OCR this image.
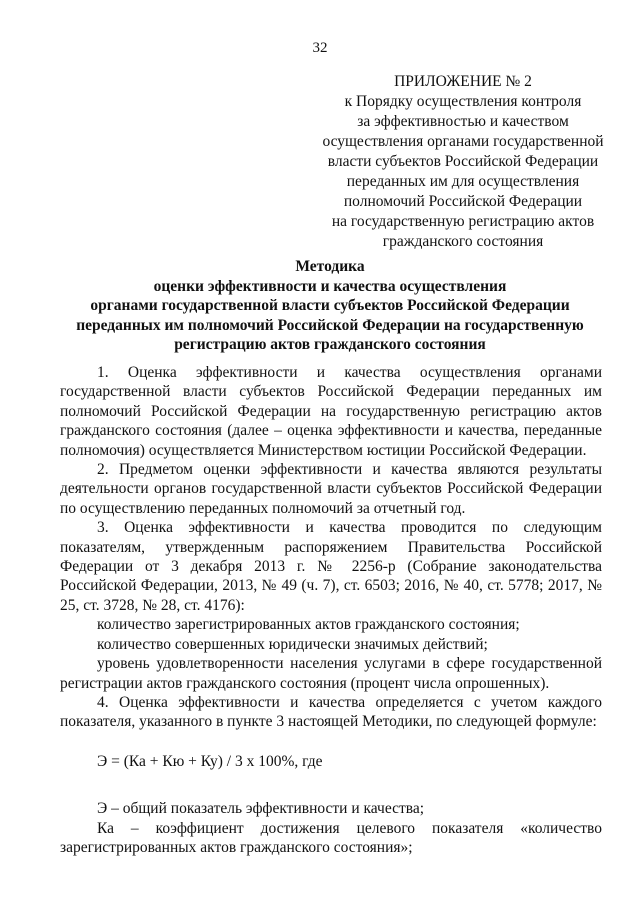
32
ПРИЛОЖЕНИЕ № 2
к Порядку осуществления контроля
за эффективностью и качеством
осуществления органами государственной
власти субъектов Российской Федерации
переданных им для осуществления
полномочий Российской Федерации
на государственную регистрацию актов
гражданского состояния
Методика
оценки эффективности и качества осуществления
органами государственной власти субъектов Российской Федерации
переданных им полномочий Российской Федерации на государственную
регистрацию актов гражданского состояния

1. Оценка эффективности и качества осуществления органами государственной власти субъектов Российской Федерации переданных им полномочий Российской Федерации на государственную регистрацию актов гражданского состояния (далее – оценка эффективности и качества, переданные полномочия) осуществляется Министерством юстиции Российской Федерации.

2. Предметом оценки эффективности и качества являются результаты деятельности органов государственной власти субъектов Российской Федерации по осуществлению переданных полномочий за отчетный год.

3. Оценка эффективности и качества проводится по следующим показателям, утвержденным распоряжением Правительства Российской Федерации от 3 декабря 2013 г. № 2256-р (Собрание законодательства Российской Федерации, 2013, № 49 (ч. 7), ст. 6503; 2016, № 40, ст. 5778; 2017, № 25, ст. 3728, № 28, ст. 4176):

количество зарегистрированных актов гражданского состояния;

количество совершенных юридически значимых действий;

уровень удовлетворенности населения услугами в сфере государственной регистрации актов гражданского состояния (процент числа опрошенных).

4. Оценка эффективности и качества определяется с учетом каждого показателя, указанного в пункте 3 настоящей Методики, по следующей формуле:

Э = (Ка + Кю + Ку) / 3 x 100%, где

Э – общий показатель эффективности и качества;

Ка – коэффициент достижения целевого показателя «количество зарегистрированных актов гражданского состояния»;
